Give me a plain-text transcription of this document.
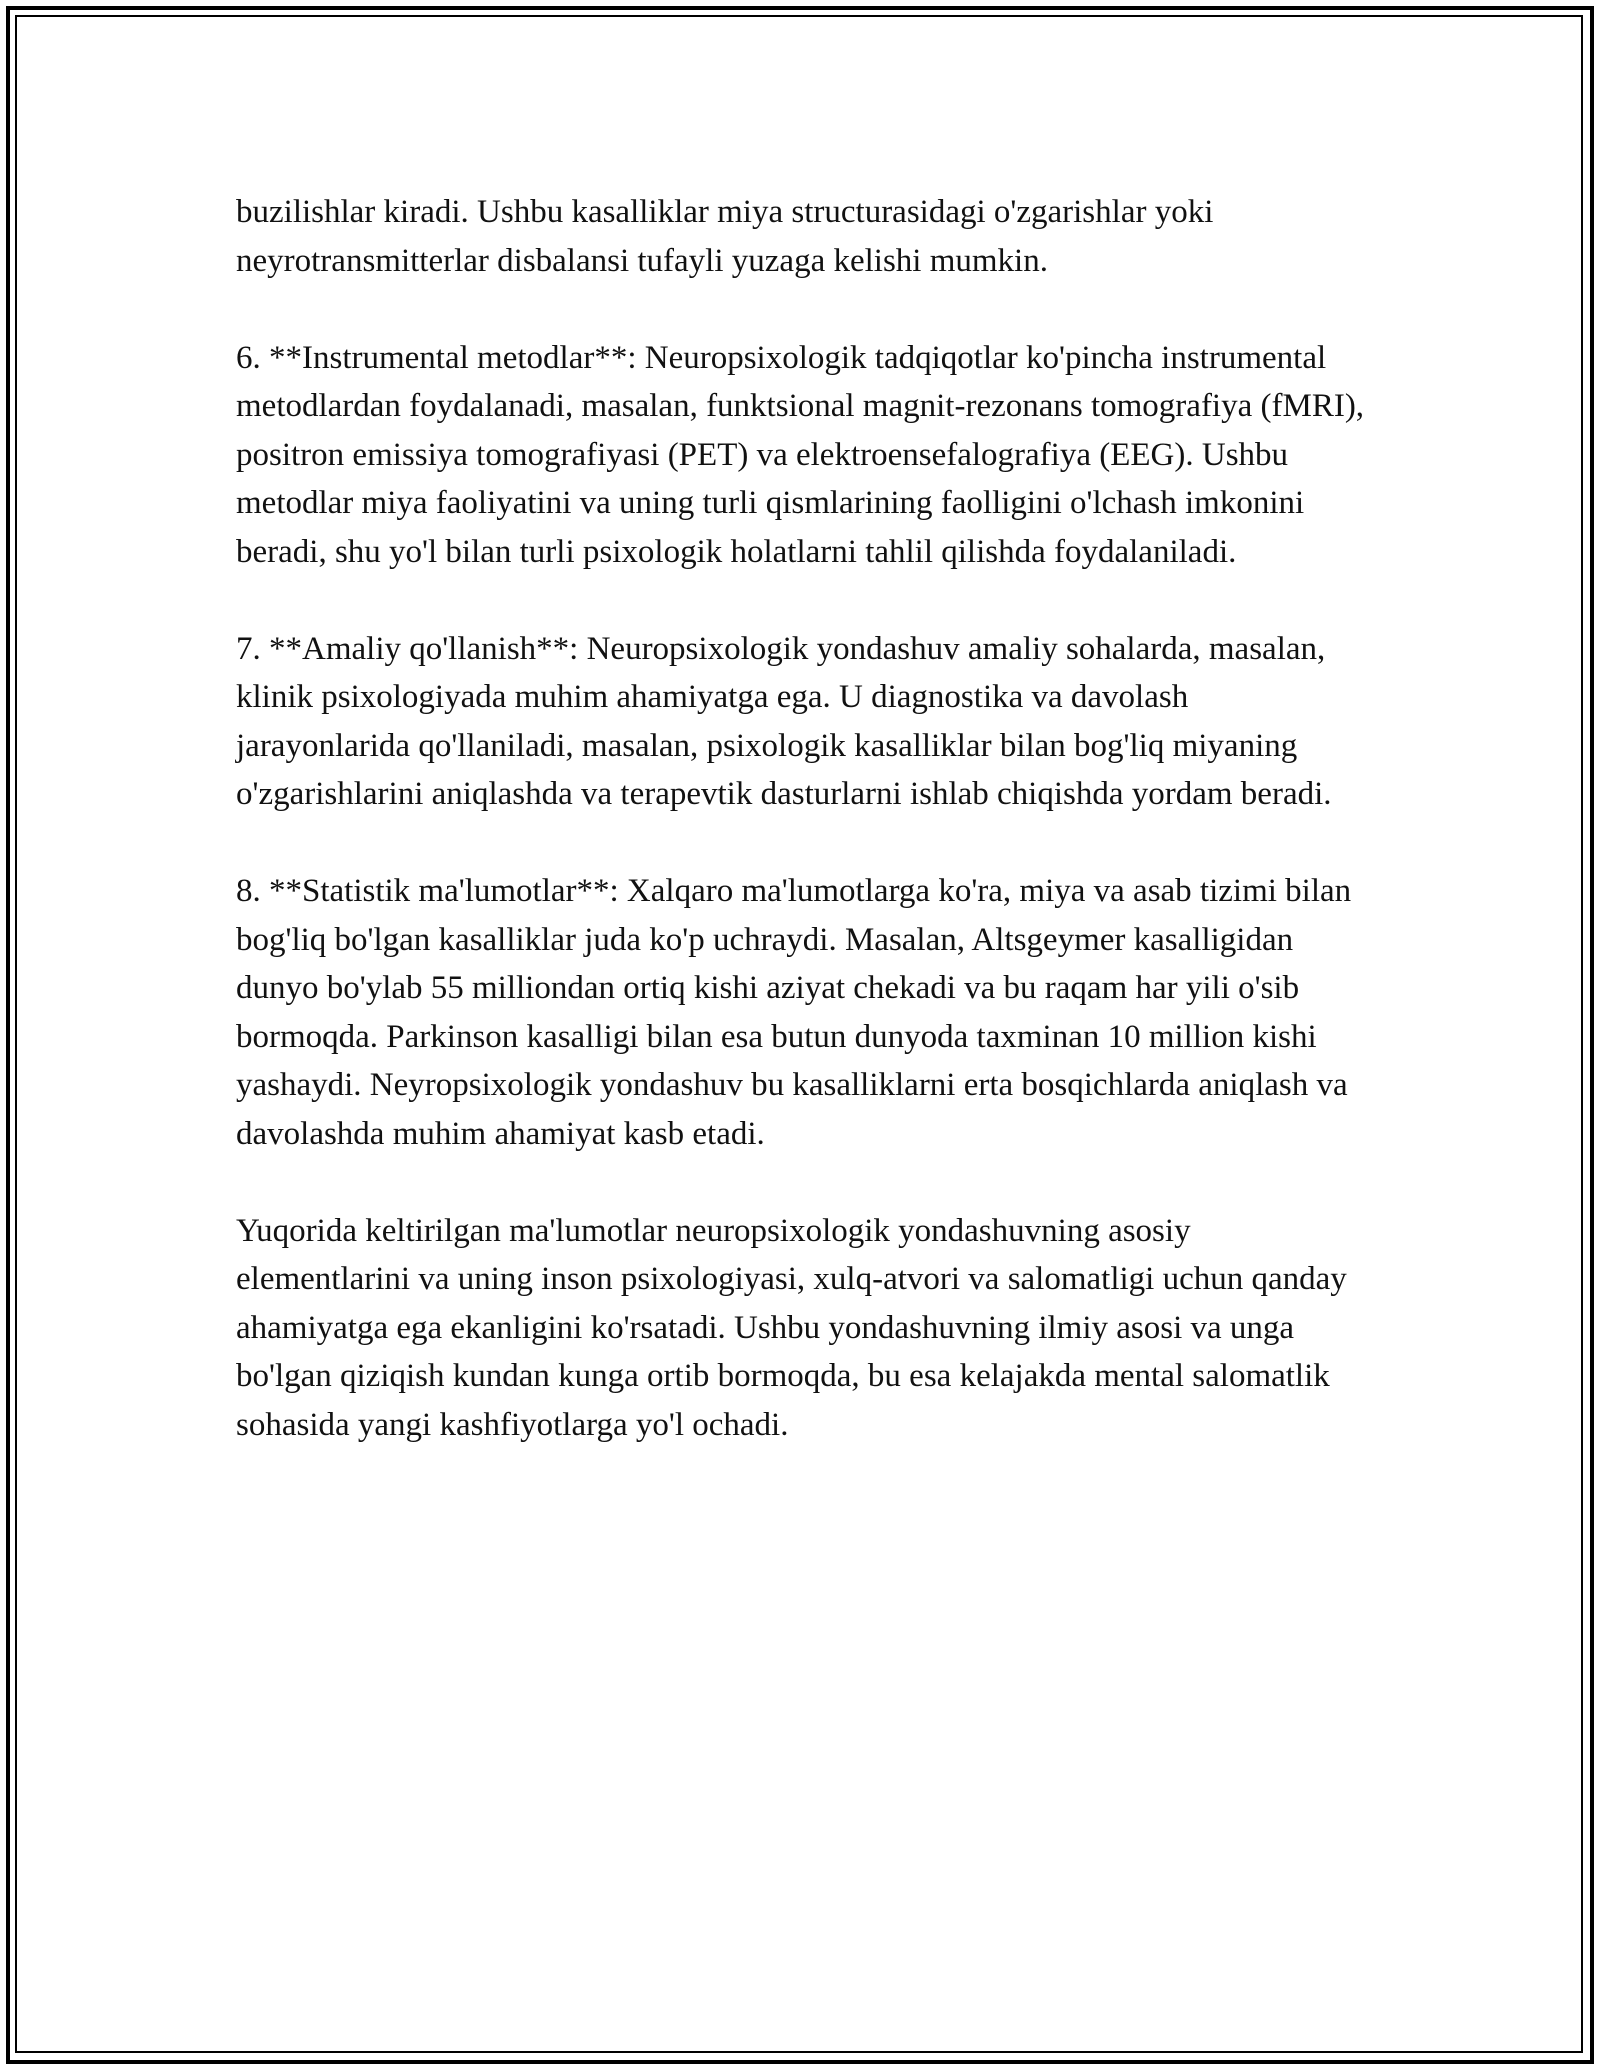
buzilishlar kiradi. Ushbu kasalliklar miya structurasidagi o'zgarishlar yoki neyrotransmitterlar disbalansi tufayli yuzaga kelishi mumkin.

6. **Instrumental metodlar**: Neuropsixologik tadqiqotlar ko'pincha instrumental metodlardan foydalanadi, masalan, funktsional magnit-rezonans tomografiya (fMRI), positron emissiya tomografiyasi (PET) va elektroensefalografiya (EEG). Ushbu metodlar miya faoliyatini va uning turli qismlarining faolligini o'lchash imkonini beradi, shu yo'l bilan turli psixologik holatlarni tahlil qilishda foydalaniladi.

7. **Amaliy qo'llanish**: Neuropsixologik yondashuv amaliy sohalarda, masalan, klinik psixologiyada muhim ahamiyatga ega. U diagnostika va davolash jarayonlarida qo'llaniladi, masalan, psixologik kasalliklar bilan bog'liq miyaning o'zgarishlarini aniqlashda va terapevtik dasturlarni ishlab chiqishda yordam beradi.

8. **Statistik ma'lumotlar**: Xalqaro ma'lumotlarga ko'ra, miya va asab tizimi bilan bog'liq bo'lgan kasalliklar juda ko'p uchraydi. Masalan, Altsgeymer kasalligidan dunyo bo'ylab 55 milliondan ortiq kishi aziyat chekadi va bu raqam har yili o'sib bormoqda. Parkinson kasalligi bilan esa butun dunyoda taxminan 10 million kishi yashaydi. Neyropsixologik yondashuv bu kasalliklarni erta bosqichlarda aniqlash va davolashda muhim ahamiyat kasb etadi.

Yuqorida keltirilgan ma'lumotlar neuropsixologik yondashuvning asosiy elementlarini va uning inson psixologiyasi, xulq-atvori va salomatligi uchun qanday ahamiyatga ega ekanligini ko'rsatadi. Ushbu yondashuvning ilmiy asosi va unga bo'lgan qiziqish kundan kunga ortib bormoqda, bu esa kelajakda mental salomatlik sohasida yangi kashfiyotlarga yo'l ochadi.
